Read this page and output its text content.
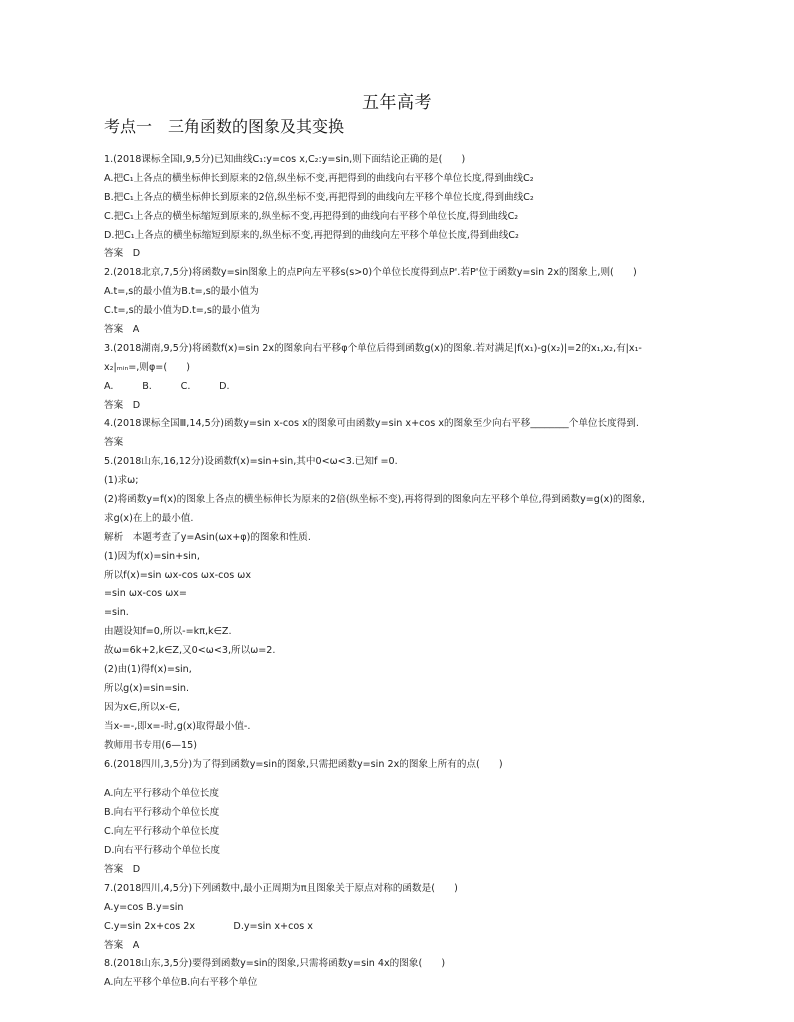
五年高考
考点一　三角函数的图象及其变换
1.(2018课标全国Ⅰ,9,5分)已知曲线C₁:y=cos x,C₂:y=sin,则下面结论正确的是(　　)
A.把C₁上各点的横坐标伸长到原来的2倍,纵坐标不变,再把得到的曲线向右平移个单位长度,得到曲线C₂
B.把C₁上各点的横坐标伸长到原来的2倍,纵坐标不变,再把得到的曲线向左平移个单位长度,得到曲线C₂
C.把C₁上各点的横坐标缩短到原来的,纵坐标不变,再把得到的曲线向右平移个单位长度,得到曲线C₂
D.把C₁上各点的横坐标缩短到原来的,纵坐标不变,再把得到的曲线向左平移个单位长度,得到曲线C₂
答案　D
2.(2018北京,7,5分)将函数y=sin图象上的点P向左平移s(s>0)个单位长度得到点P'.若P'位于函数y=sin 2x的图象上,则(　　)
A.t=,s的最小值为B.t=,s的最小值为
C.t=,s的最小值为D.t=,s的最小值为
答案　A
3.(2018湖南,9,5分)将函数f(x)=sin 2x的图象向右平移φ个单位后得到函数g(x)的图象.若对满足|f(x₁)-g(x₂)|=2的x₁,x₂,有|x₁-
x₂|ₘᵢₙ=,则φ=(　　)
A.　　　B.　　　C.　　　D.
答案　D
4.(2018课标全国Ⅲ,14,5分)函数y=sin x-cos x的图象可由函数y=sin x+cos x的图象至少向右平移________个单位长度得到.
答案
5.(2018山东,16,12分)设函数f(x)=sin+sin,其中0<ω<3.已知f =0.
(1)求ω;
(2)将函数y=f(x)的图象上各点的横坐标伸长为原来的2倍(纵坐标不变),再将得到的图象向左平移个单位,得到函数y=g(x)的图象,
求g(x)在上的最小值.
解析　本题考查了y=Asin(ωx+φ)的图象和性质.
(1)因为f(x)=sin+sin,
所以f(x)=sin ωx-cos ωx-cos ωx
=sin ωx-cos ωx=
=sin.
由题设知f=0,所以-=kπ,k∈Z.
故ω=6k+2,k∈Z,又0<ω<3,所以ω=2.
(2)由(1)得f(x)=sin,
所以g(x)=sin=sin.
因为x∈,所以x-∈,
当x-=-,即x=-时,g(x)取得最小值-.
教师用书专用(6—15)
6.(2018四川,3,5分)为了得到函数y=sin的图象,只需把函数y=sin 2x的图象上所有的点(　　)
A.向左平行移动个单位长度
B.向右平行移动个单位长度
C.向左平行移动个单位长度
D.向右平行移动个单位长度
答案　D
7.(2018四川,4,5分)下列函数中,最小正周期为π且图象关于原点对称的函数是(　　)
A.y=cos B.y=sin
C.y=sin 2x+cos 2x　　　　D.y=sin x+cos x
答案　A
8.(2018山东,3,5分)要得到函数y=sin的图象,只需将函数y=sin 4x的图象(　　)
A.向左平移个单位B.向右平移个单位
